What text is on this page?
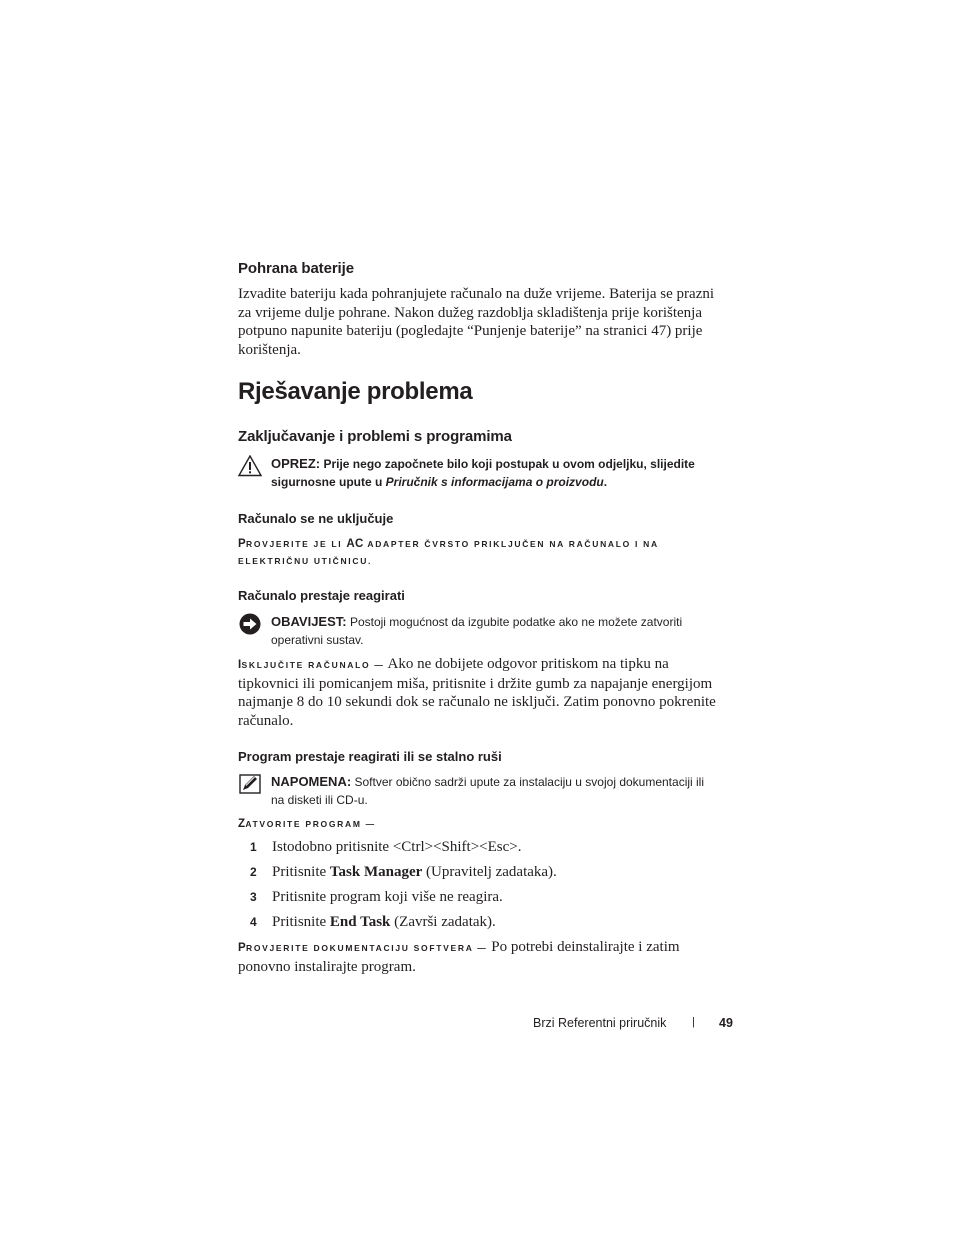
Pohrana baterije
Izvadite bateriju kada pohranjujete računalo na duže vrijeme. Baterija se prazni
za vrijeme dulje pohrane. Nakon dužeg razdoblja skladištenja prije korištenja
potpuno napunite bateriju (pogledajte “Punjenje baterije” na stranici 47) prije
korištenja.
Rješavanje problema
Zaključavanje i problemi s programima
OPREZ: Prije nego započnete bilo koji postupak u ovom odjeljku, slijedite
sigurnosne upute u Priručnik s informacijama o proizvodu.
Računalo se ne uključuje
PROVJERITE JE LI AC ADAPTER ČVRSTO PRIKLJUČEN NA RAČUNALO I NA
ELEKTRIČNU UTIČNICU.
Računalo prestaje reagirati
OBAVIJEST: Postoji mogućnost da izgubite podatke ako ne možete zatvoriti
operativni sustav.
ISKLJUČITE RAČUNALO — Ako ne dobijete odgovor pritiskom na tipku na
tipkovnici ili pomicanjem miša, pritisnite i držite gumb za napajanje energijom
najmanje 8 do 10 sekundi dok se računalo ne isključi. Zatim ponovno pokrenite
računalo.
Program prestaje reagirati ili se stalno ruši
NAPOMENA: Softver obično sadrži upute za instalaciju u svojoj dokumentaciji ili
na disketi ili CD-u.
ZATVORITE PROGRAM —
1 Istodobno pritisnite <Ctrl><Shift><Esc>.
2 Pritisnite Task Manager (Upravitelj zadataka).
3 Pritisnite program koji više ne reagira.
4 Pritisnite End Task (Završi zadatak).
PROVJERITE DOKUMENTACIJU SOFTVERA — Po potrebi deinstalirajte i zatim
ponovno instalirajte program.
Brzi Referentni priručnik | 49
